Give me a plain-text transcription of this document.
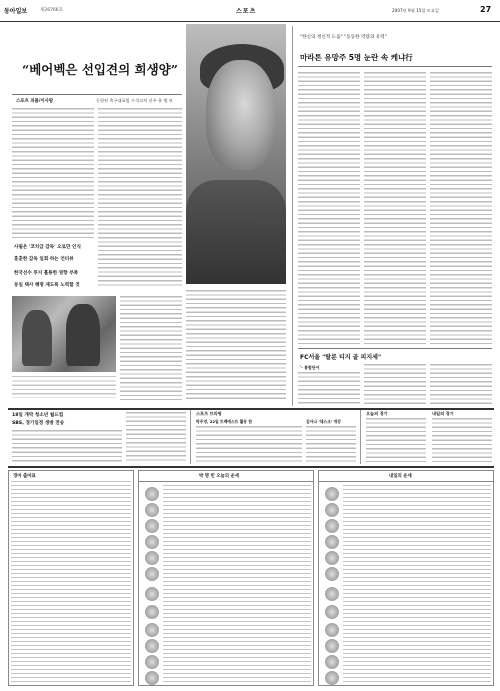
동아일보	제26766호	스포츠	2007년 9월 15일 토요일	27
“베어벡은 선입견의 희생양”
스포츠 피플/이사람	동원된 축구대표팀 수석코치 선주 홍 명 보
사필은 '코치급 감독' 오로만 인식
훈훈한 감독 일회 하는 언터뷰
한국선수 투지 훌륭한 영향 부족
동일 택사 해명 재도록 노력할 것
"한신의 정신적 도움" "동등한 역량과 유력"
마라톤 유망주 5명 눈란 속 케냐行
FC서울 "랄룬 티지 골 피지세"
'· 통합단어
18일 개막 청소년 월드컵
SBS, 경기일정 생방 전송
스포츠 브리핑
박주영, 22일 트렉에스트 활동 한	김아나 ‘데스크’ 개강
오늘의 경기	내일의 경기
경마 출마표	박 명 빈 오늘의 운세	내일의 운세
